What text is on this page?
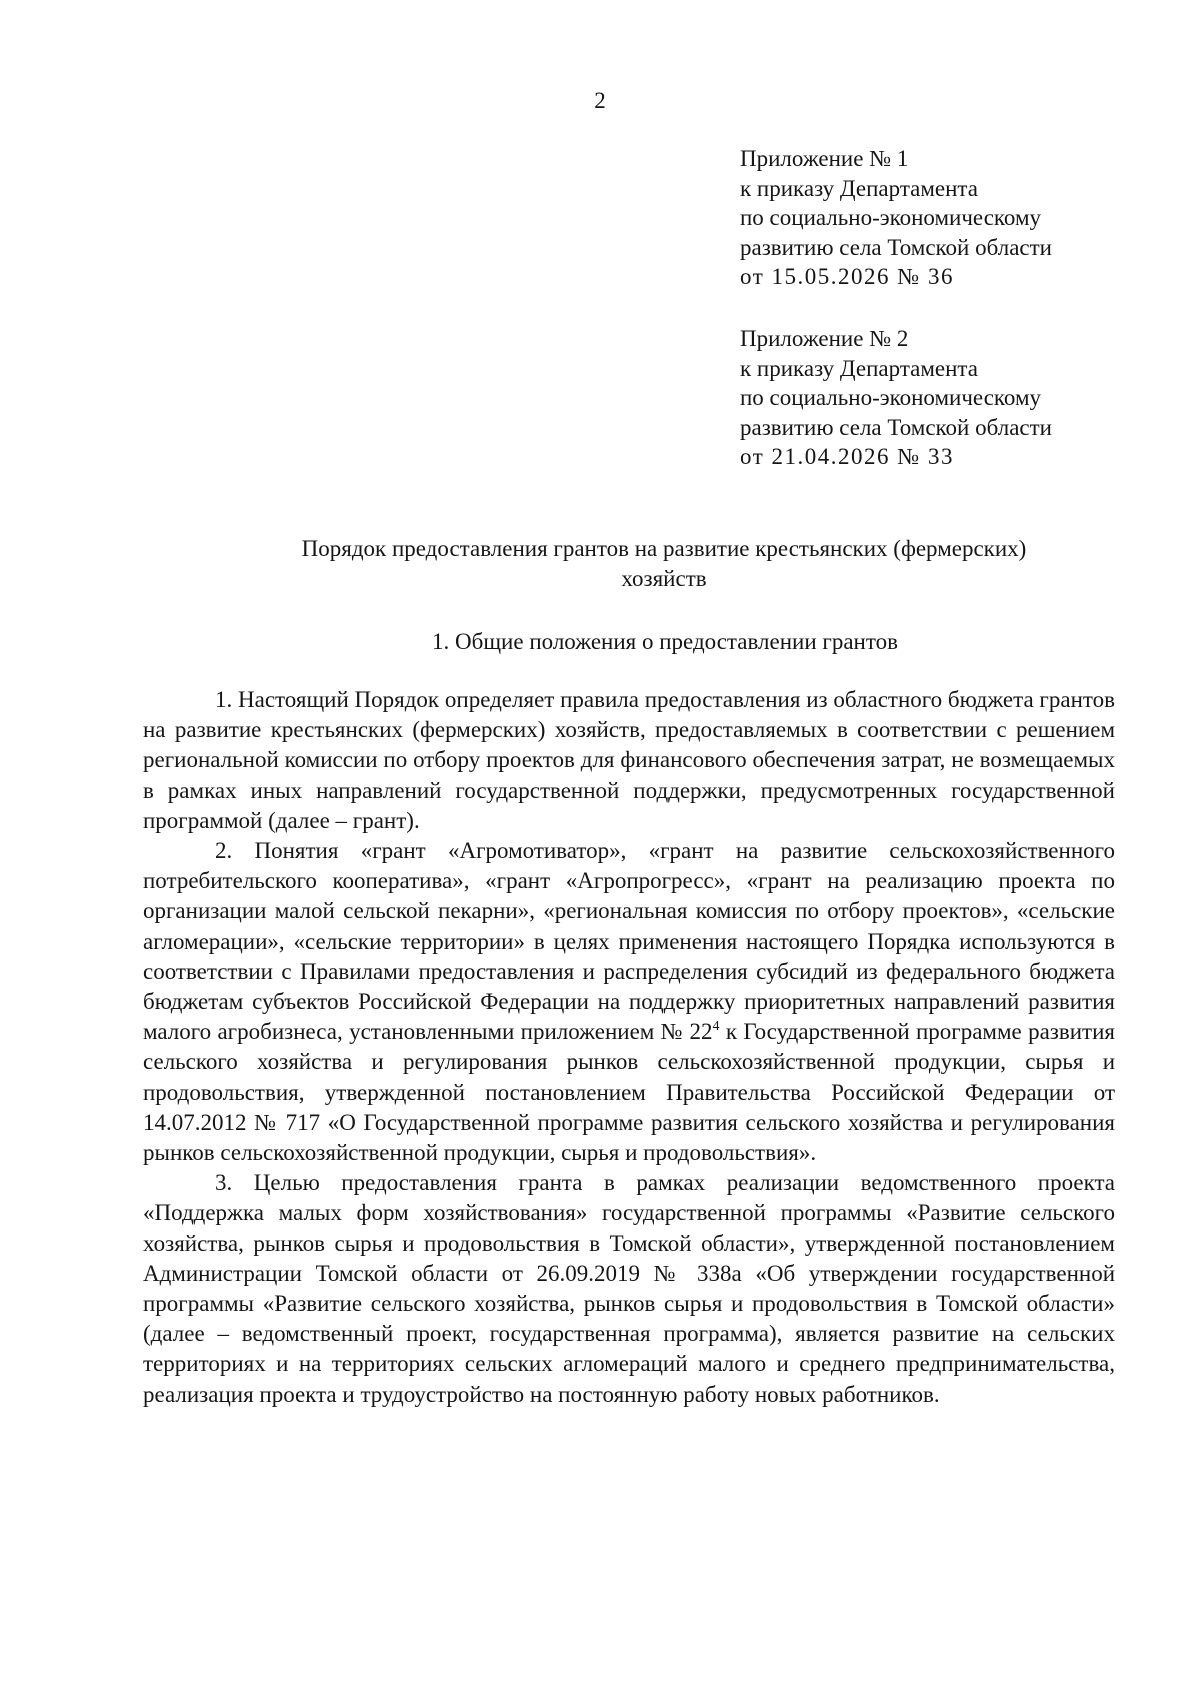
2
Приложение № 1
к приказу Департамента
по социально-экономическому
развитию села Томской области
от 15.05.2026 № 36
Приложение № 2
к приказу Департамента
по социально-экономическому
развитию села Томской области
от 21.04.2026 № 33
Порядок предоставления грантов на развитие крестьянских (фермерских)
хозяйств
1. Общие положения о предоставлении грантов

1. Настоящий Порядок определяет правила предоставления из областного бюджета грантов на развитие крестьянских (фермерских) хозяйств, предоставляемых в соответствии с решением региональной комиссии по отбору проектов для финансового обеспечения затрат, не возмещаемых в рамках иных направлений государственной поддержки, предусмотренных государственной программой (далее – грант).

2. Понятия «грант «Агромотиватор», «грант на развитие сельскохозяйственного потребительского кооператива», «грант «Агропрогресс», «грант на реализацию проекта по организации малой сельской пекарни», «региональная комиссия по отбору проектов», «сельские агломерации», «сельские территории» в целях применения настоящего Порядка используются в соответствии с Правилами предоставления и распределения субсидий из федерального бюджета бюджетам субъектов Российской Федерации на поддержку приоритетных направлений развития малого агробизнеса, установленными приложением № $22^4$ к Государственной программе развития сельского хозяйства и регулирования рынков сельскохозяйственной продукции, сырья и продовольствия, утвержденной постановлением Правительства Российской Федерации от 14.07.2012 № 717 «О Государственной программе развития сельского хозяйства и регулирования рынков сельскохозяйственной продукции, сырья и продовольствия».

3. Целью предоставления гранта в рамках реализации ведомственного проекта «Поддержка малых форм хозяйствования» государственной программы «Развитие сельского хозяйства, рынков сырья и продовольствия в Томской области», утвержденной постановлением Администрации Томской области от 26.09.2019 № 338а «Об утверждении государственной программы «Развитие сельского хозяйства, рынков сырья и продовольствия в Томской области» (далее – ведомственный проект, государственная программа), является развитие на сельских территориях и на территориях сельских агломераций малого и среднего предпринимательства, реализация проекта и трудоустройство на постоянную работу новых работников.
